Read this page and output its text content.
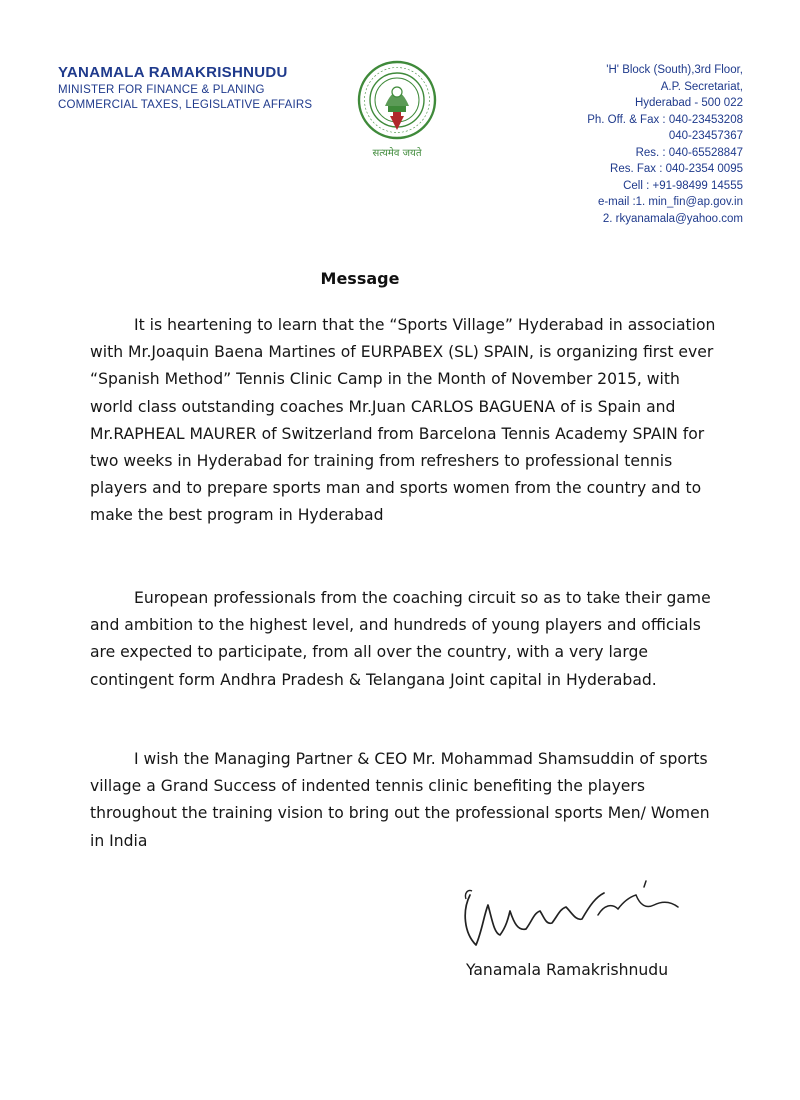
YANAMALA RAMAKRISHNUDU
MINISTER FOR FINANCE & PLANING
COMMERCIAL TAXES, LEGISLATIVE AFFAIRS
सत्यमेव जयते
'H' Block (South),3rd Floor,
A.P. Secretariat,
Hyderabad - 500 022
Ph. Off. & Fax : 040-23453208
040-23457367
Res. : 040-65528847
Res. Fax : 040-2354 0095
Cell : +91-98499 14555
e-mail :1. min_fin@ap.gov.in
2. rkyanamala@yahoo.com
Message

It is heartening to learn that the “Sports Village” Hyderabad in association with Mr.Joaquin Baena Martines of EURPABEX (SL) SPAIN, is organizing first ever “Spanish Method” Tennis Clinic Camp in the Month of November 2015, with world class outstanding coaches Mr.Juan CARLOS BAGUENA of is Spain and Mr.RAPHEAL MAURER of Switzerland from Barcelona Tennis Academy SPAIN for two weeks in Hyderabad for training from refreshers to professional tennis players and to prepare sports man and sports women from the country and to make the best program in Hyderabad

European professionals from the coaching circuit so as to take their game and ambition to the highest level, and hundreds of young players and officials are expected to participate, from all over the country, with a very large contingent form Andhra Pradesh & Telangana Joint capital in Hyderabad.

I wish the Managing Partner & CEO Mr. Mohammad Shamsuddin of sports village a Grand Success of indented tennis clinic benefiting the players throughout the training vision to bring out the professional sports Men/ Women in India

Yanamala Ramakrishnudu
